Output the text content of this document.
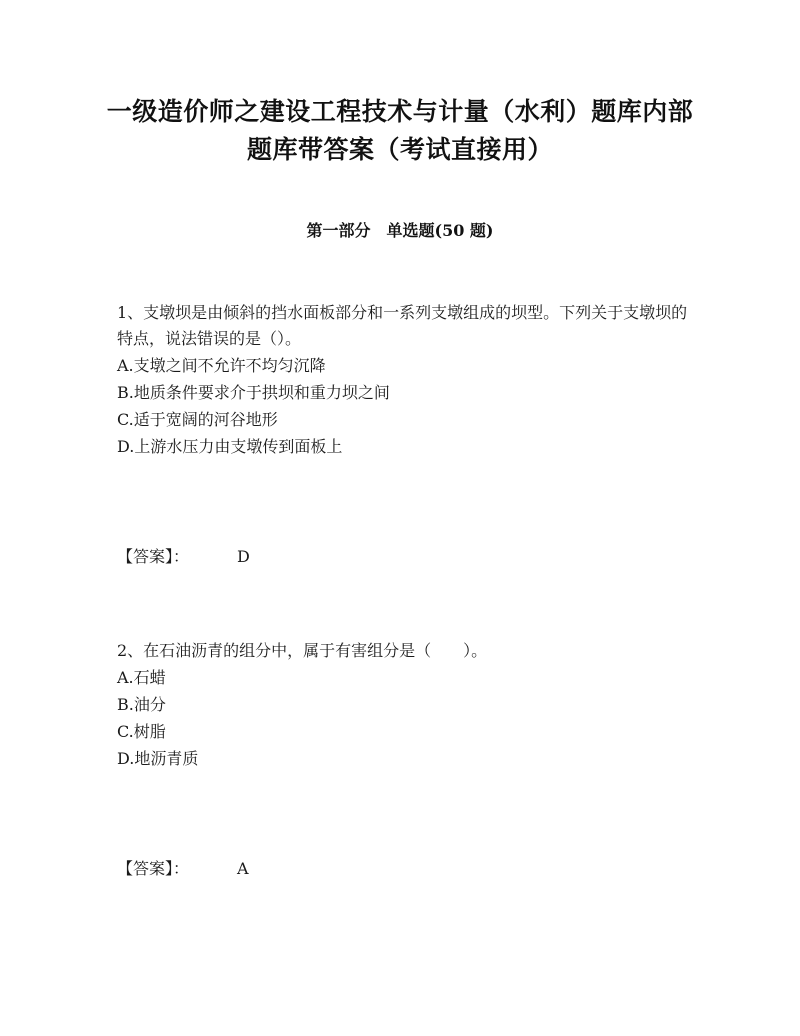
一级造价师之建设工程技术与计量（水利）题库内部
题库带答案（考试直接用）
第一部分　单选题(50 题)

1、支墩坝是由倾斜的挡水面板部分和一系列支墩组成的坝型。下列关于支墩坝的特点，说法错误的是（）。

A.支墩之间不允许不均匀沉降

B.地质条件要求介于拱坝和重力坝之间

C.适于宽阔的河谷地形

D.上游水压力由支墩传到面板上

【答案】：	D

2、在石油沥青的组分中，属于有害组分是（　　）。

A.石蜡

B.油分

C.树脂

D.地沥青质

【答案】：	A
